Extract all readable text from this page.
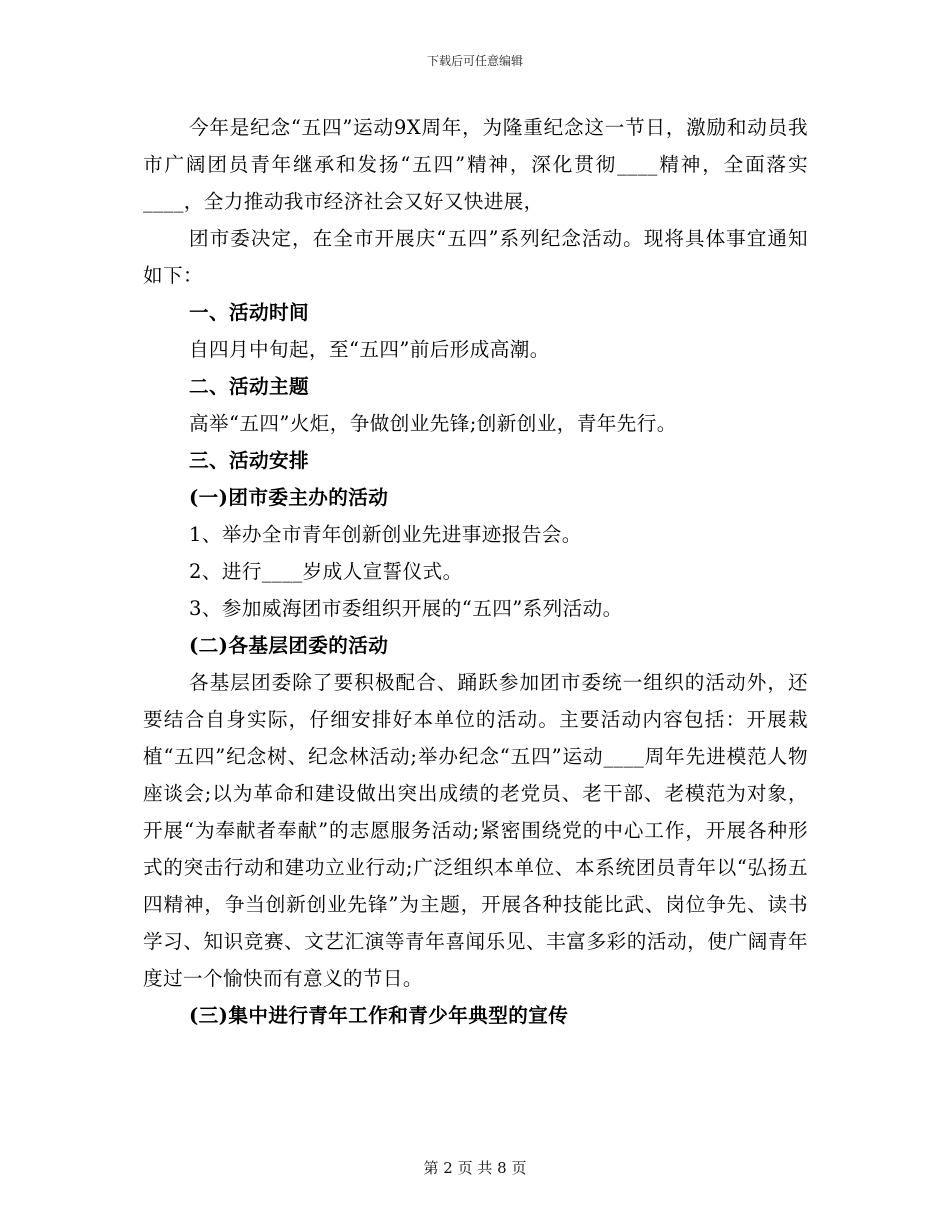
下载后可任意编辑

今年是纪念“五四”运动9X周年，为隆重纪念这一节日，激励和动员我市广阔团员青年继承和发扬“五四”精神，深化贯彻____精神，全面落实____，全力推动我市经济社会又好又快进展，

团市委决定，在全市开展庆“五四”系列纪念活动。现将具体事宜通知如下：

一、活动时间

自四月中旬起，至“五四”前后形成高潮。

二、活动主题

高举“五四”火炬，争做创业先锋;创新创业，青年先行。

三、活动安排

(一)团市委主办的活动

1、举办全市青年创新创业先进事迹报告会。

2、进行____岁成人宣誓仪式。

3、参加威海团市委组织开展的“五四”系列活动。

(二)各基层团委的活动

各基层团委除了要积极配合、踊跃参加团市委统一组织的活动外，还要结合自身实际，仔细安排好本单位的活动。主要活动内容包括：开展栽植“五四”纪念树、纪念林活动;举办纪念“五四”运动____周年先进模范人物座谈会;以为革命和建设做出突出成绩的老党员、老干部、老模范为对象，开展“为奉献者奉献”的志愿服务活动;紧密围绕党的中心工作，开展各种形式的突击行动和建功立业行动;广泛组织本单位、本系统团员青年以“弘扬五四精神，争当创新创业先锋”为主题，开展各种技能比武、岗位争先、读书学习、知识竞赛、文艺汇演等青年喜闻乐见、丰富多彩的活动，使广阔青年度过一个愉快而有意义的节日。

(三)集中进行青年工作和青少年典型的宣传

第 2 页 共 8 页
